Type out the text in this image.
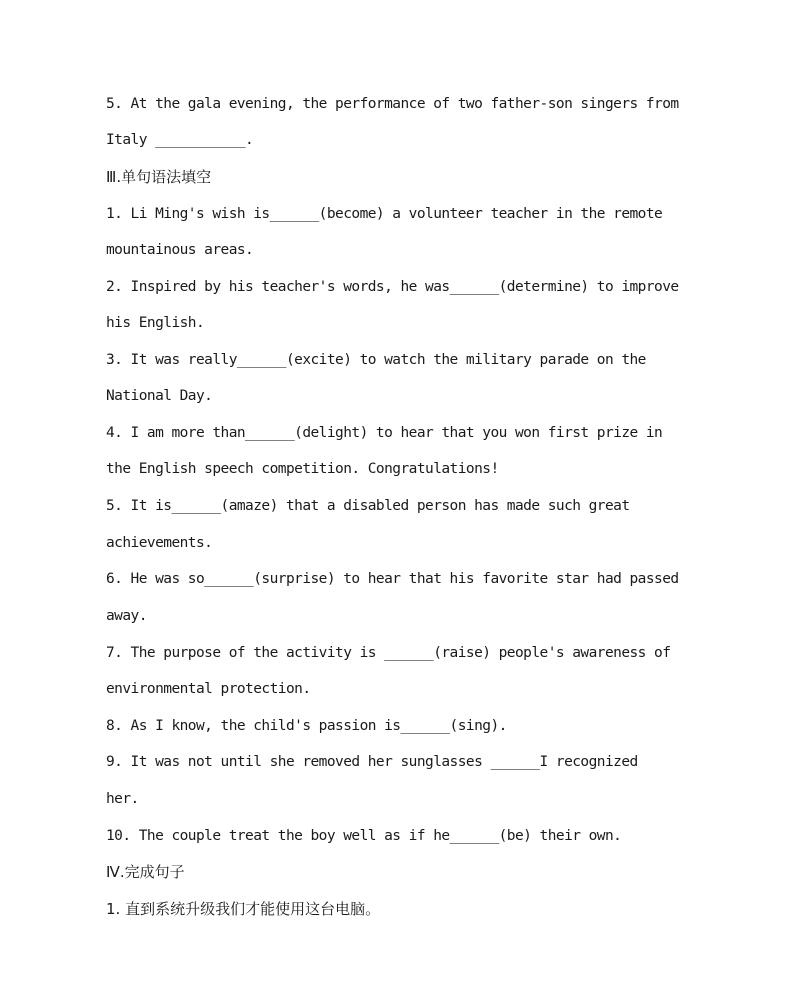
5. At the gala evening, the performance of two father-son singers from
Italy ___________.
Ⅲ.单句语法填空
1. Li Ming's wish is______(become) a volunteer teacher in the remote
mountainous areas.
2. Inspired by his teacher's words, he was______(determine) to improve
his English.
3. It was really______(excite) to watch the military parade on the
National Day.
4. I am more than______(delight) to hear that you won first prize in
the English speech competition. Congratulations!
5. It is______(amaze) that a disabled person has made such great
achievements.
6. He was so______(surprise) to hear that his favorite star had passed
away.
7. The purpose of the activity is ______(raise) people's awareness of
environmental protection.
8. As I know, the child's passion is______(sing).
9. It was not until she removed her sunglasses ______I recognized
her.
10. The couple treat the boy well as if he______(be) their own.
Ⅳ.完成句子
1. 直到系统升级我们才能使用这台电脑。
